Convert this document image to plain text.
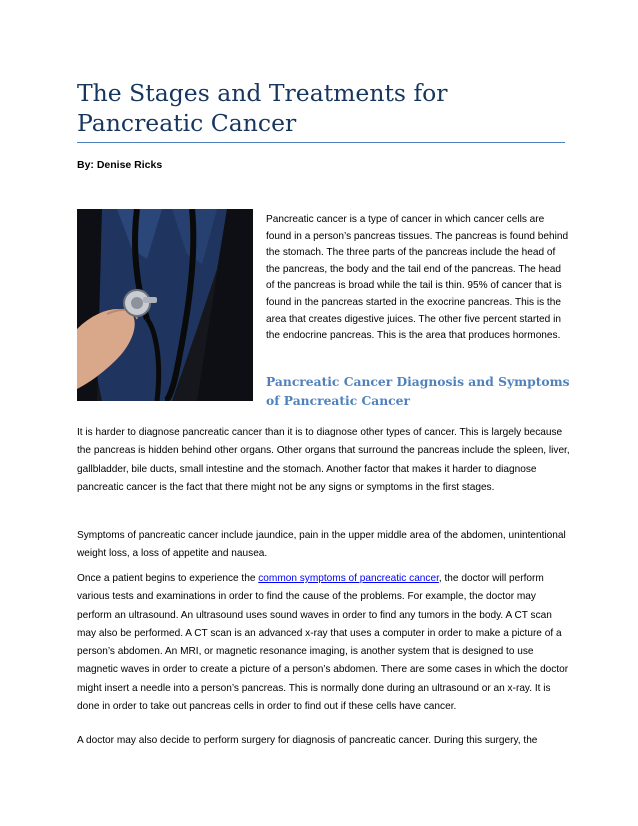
The Stages and Treatments for Pancreatic Cancer
By: Denise Ricks

Pancreatic cancer is a type of cancer in which cancer cells are found in a person’s pancreas tissues. The pancreas is found behind the stomach. The three parts of the pancreas include the head of the pancreas, the body and the tail end of the pancreas. The head of the pancreas is broad while the tail is thin. 95% of cancer that is found in the pancreas started in the exocrine pancreas. This is the area that creates digestive juices. The other five percent started in the endocrine pancreas. This is the area that produces hormones.

Pancreatic Cancer Diagnosis and Symptoms of Pancreatic Cancer

It is harder to diagnose pancreatic cancer than it is to diagnose other types of cancer. This is largely because the pancreas is hidden behind other organs. Other organs that surround the pancreas include the spleen, liver, gallbladder, bile ducts, small intestine and the stomach. Another factor that makes it harder to diagnose pancreatic cancer is the fact that there might not be any signs or symptoms in the first stages.

Symptoms of pancreatic cancer include jaundice, pain in the upper middle area of the abdomen, unintentional weight loss, a loss of appetite and nausea.

Once a patient begins to experience the common symptoms of pancreatic cancer, the doctor will perform various tests and examinations in order to find the cause of the problems. For example, the doctor may perform an ultrasound. An ultrasound uses sound waves in order to find any tumors in the body. A CT scan may also be performed. A CT scan is an advanced x-ray that uses a computer in order to make a picture of a person’s abdomen. An MRI, or magnetic resonance imaging, is another system that is designed to use magnetic waves in order to create a picture of a person’s abdomen. There are some cases in which the doctor might insert a needle into a person’s pancreas. This is normally done during an ultrasound or an x-ray. It is done in order to take out pancreas cells in order to find out if these cells have cancer.

A doctor may also decide to perform surgery for diagnosis of pancreatic cancer. During this surgery, the
